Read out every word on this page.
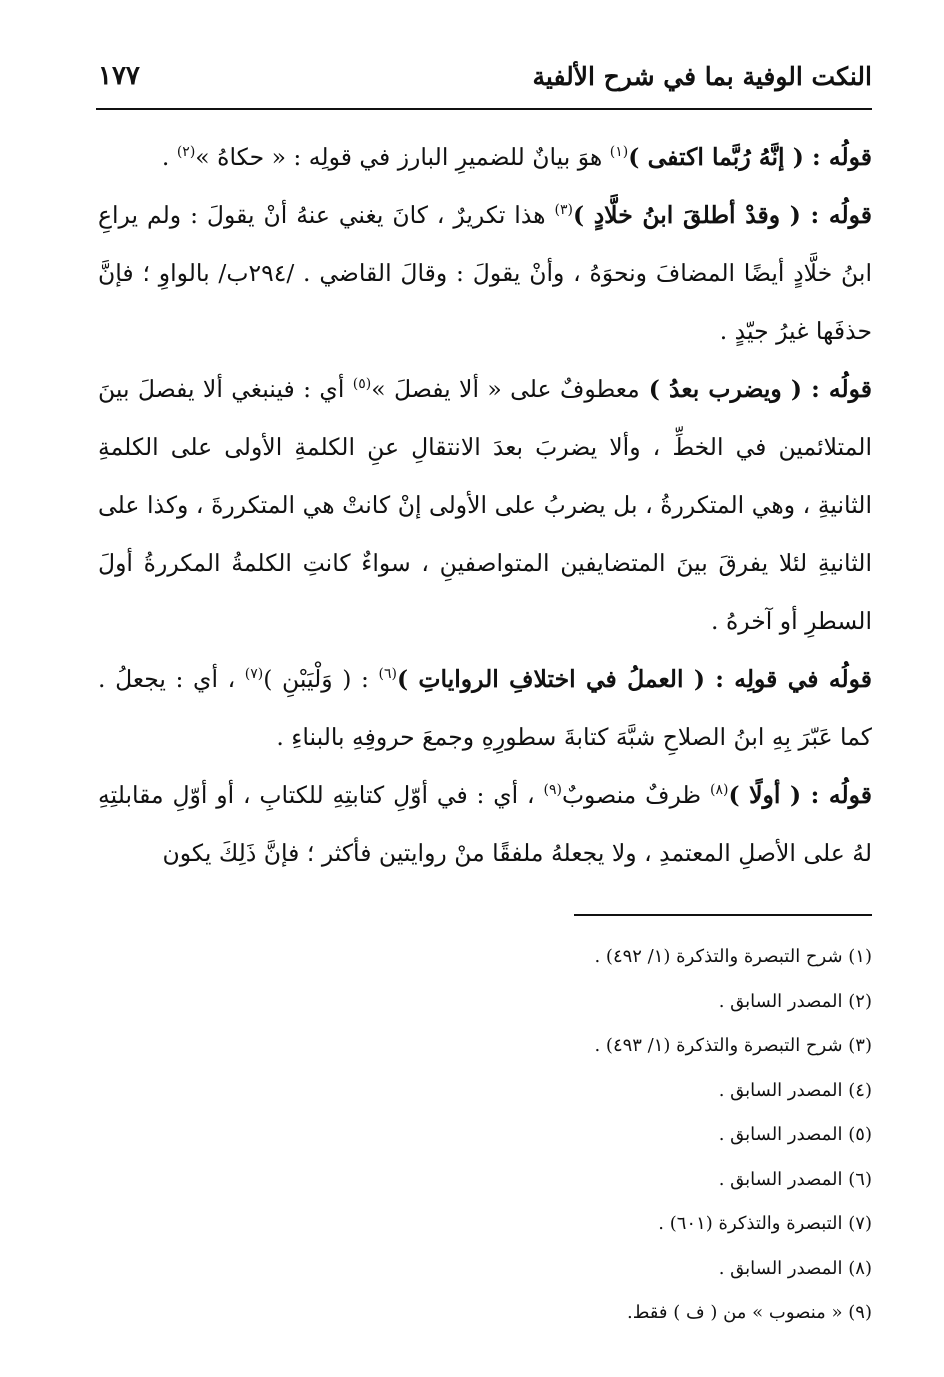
النكت الوفية بما في شرح الألفية
١٧٧

قولُه : ( إنَّهُ رُبَّما اكتفى )$^{(١)}$ هوَ بيانٌ للضميرِ البارز في قولِه : « حكاهُ »$^{(٢)}$ .

قولُه : ( وقدْ أطلقَ ابنُ خلَّادٍ )$^{(٣)}$ هذا تكريرٌ ، كانَ يغني عنهُ أنْ يقولَ : ولم يراعِ ابنُ خلَّادٍ أيضًا المضافَ ونحوَهُ ، وأنْ يقولَ : وقالَ القاضي . /٢٩٤ب/ بالواوِ ؛ فإنَّ حذفَها غيرُ جيّدٍ .

قولُه : ( ويضرب بعدُ ) معطوفٌ على « ألا يفصلَ »$^{(٥)}$ أي : فينبغي ألا يفصلَ بينَ المتلائمين في الخطِّ ، وألا يضربَ بعدَ الانتقالِ عنِ الكلمةِ الأولى على الكلمةِ الثانيةِ ، وهي المتكررةُ ، بل يضربُ على الأولى إنْ كانتْ هي المتكررةَ ، وكذا على الثانيةِ لئلا يفرقَ بينَ المتضايفين المتواصفينِ ، سواءٌ كانتِ الكلمةُ المكررةُ أولَ السطرِ أو آخرهُ .

قولُه في قولِه : ( العملُ في اختلافِ الرواياتِ )$^{(٦)}$ : ( وَلْيَبْنِ )$^{(٧)}$ ، أي : يجعلُ . كما عَبّرَ بِهِ ابنُ الصلاحِ شبَّهَ كتابةَ سطورِهِ وجمعَ حروفِهِ بالبناءِ .

قولُه : ( أولًا )$^{(٨)}$ ظرفٌ منصوبٌ$^{(٩)}$ ، أي : في أوّلِ كتابتِهِ للكتابِ ، أو أوّلِ مقابلتِهِ لهُ على الأصلِ المعتمدِ ، ولا يجعلهُ ملفقًا منْ روايتين فأكثر ؛ فإنَّ ذَلِكَ يكون

(١) شرح التبصرة والتذكرة (١/ ٤٩٢) .

(٢) المصدر السابق .

(٣) شرح التبصرة والتذكرة (١/ ٤٩٣) .

(٤) المصدر السابق .

(٥) المصدر السابق .

(٦) المصدر السابق .

(٧) التبصرة والتذكرة (٦٠١) .

(٨) المصدر السابق .

(٩) « منصوب » من ( ف ) فقط.
